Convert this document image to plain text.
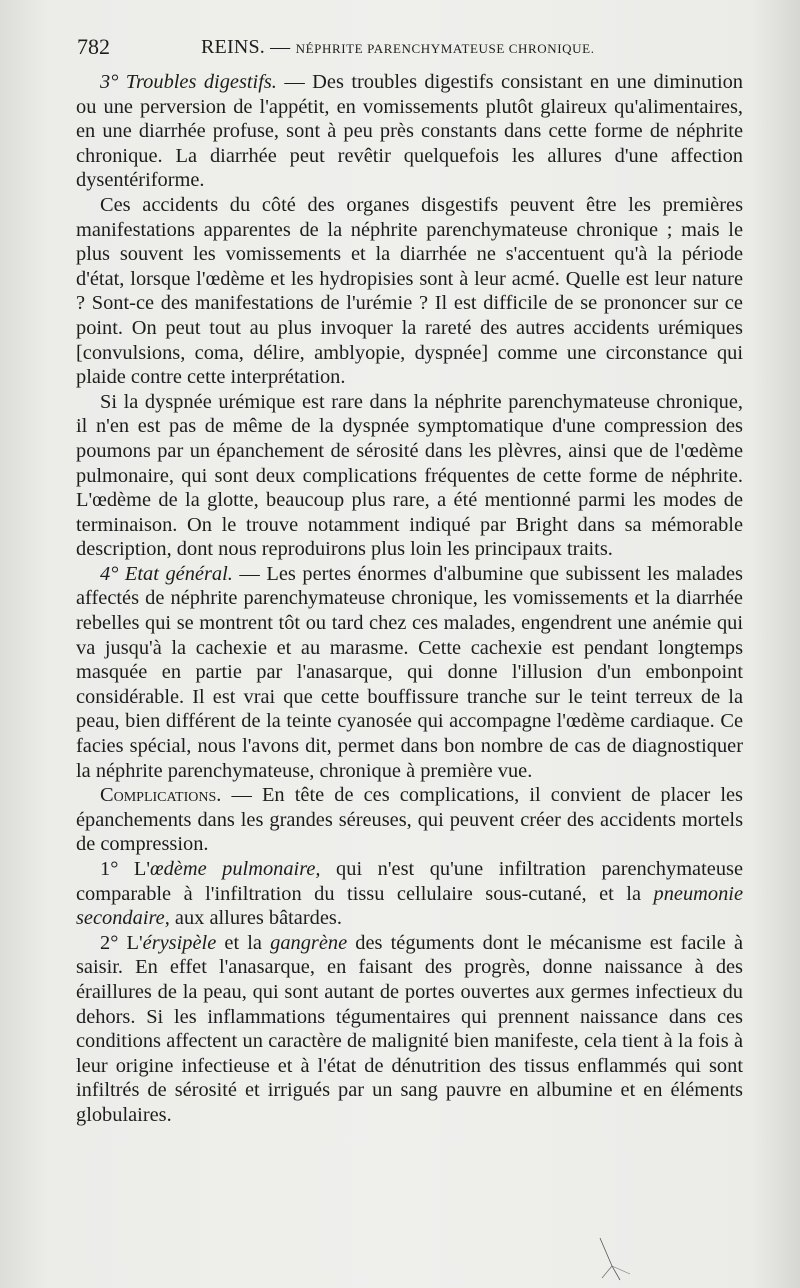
782	REINS. — NÉPHRITE PARENCHYMATEUSE CHRONIQUE.

3° Troubles digestifs. — Des troubles digestifs consistant en une diminution ou une perversion de l'appétit, en vomissements plutôt glaireux qu'alimentaires, en une diarrhée profuse, sont à peu près constants dans cette forme de néphrite chronique. La diarrhée peut revêtir quelquefois les allures d'une affection dysentériforme.

Ces accidents du côté des organes disgestifs peuvent être les premières manifestations apparentes de la néphrite parenchymateuse chronique ; mais le plus souvent les vomissements et la diarrhée ne s'accentuent qu'à la période d'état, lorsque l'œdème et les hydropisies sont à leur acmé. Quelle est leur nature ? Sont-ce des manifestations de l'urémie ? Il est difficile de se prononcer sur ce point. On peut tout au plus invoquer la rareté des autres accidents urémiques [convulsions, coma, délire, amblyopie, dyspnée] comme une circonstance qui plaide contre cette interprétation.

Si la dyspnée urémique est rare dans la néphrite parenchymateuse chronique, il n'en est pas de même de la dyspnée symptomatique d'une compression des poumons par un épanchement de sérosité dans les plèvres, ainsi que de l'œdème pulmonaire, qui sont deux complications fréquentes de cette forme de néphrite. L'œdème de la glotte, beaucoup plus rare, a été mentionné parmi les modes de terminaison. On le trouve notamment indiqué par Bright dans sa mémorable description, dont nous reproduirons plus loin les principaux traits.

4° Etat général. — Les pertes énormes d'albumine que subissent les malades affectés de néphrite parenchymateuse chronique, les vomissements et la diarrhée rebelles qui se montrent tôt ou tard chez ces malades, engendrent une anémie qui va jusqu'à la cachexie et au marasme. Cette cachexie est pendant longtemps masquée en partie par l'anasarque, qui donne l'illusion d'un embonpoint considérable. Il est vrai que cette bouffissure tranche sur le teint terreux de la peau, bien différent de la teinte cyanosée qui accompagne l'œdème cardiaque. Ce facies spécial, nous l'avons dit, permet dans bon nombre de cas de diagnostiquer la néphrite parenchymateuse, chronique à première vue.

Complications. — En tête de ces complications, il convient de placer les épanchements dans les grandes séreuses, qui peuvent créer des accidents mortels de compression.

1° L'œdème pulmonaire, qui n'est qu'une infiltration parenchymateuse comparable à l'infiltration du tissu cellulaire sous-cutané, et la pneumonie secondaire, aux allures bâtardes.

2° L'érysipèle et la gangrène des téguments dont le mécanisme est facile à saisir. En effet l'anasarque, en faisant des progrès, donne naissance à des éraillures de la peau, qui sont autant de portes ouvertes aux germes infectieux du dehors. Si les inflammations tégumentaires qui prennent naissance dans ces conditions affectent un caractère de malignité bien manifeste, cela tient à la fois à leur origine infectieuse et à l'état de dénutrition des tissus enflammés qui sont infiltrés de sérosité et irrigués par un sang pauvre en albumine et en éléments globulaires.
